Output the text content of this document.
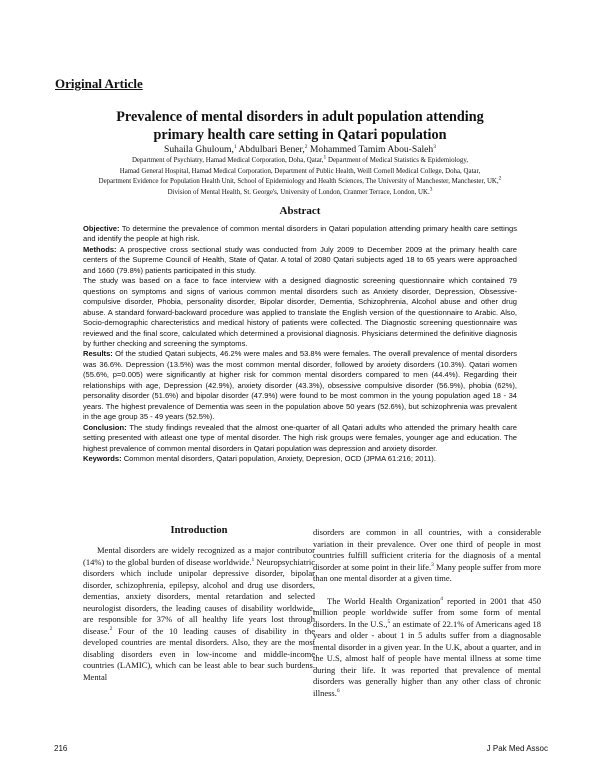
Original Article
Prevalence of mental disorders in adult population attending
primary health care setting in Qatari population
Suhaila Ghuloum,$^1$ Abdulbari Bener,$^2$ Mohammed Tamim Abou-Saleh$^3$
Department of Psychiatry, Hamad Medical Corporation, Doha, Qatar,$^1$ Department of Medical Statistics & Epidemiology,
Hamad General Hospital, Hamad Medical Corporation, Department of Public Health, Weill Cornell Medical College, Doha, Qatar,
Department Evidence for Population Health Unit, School of Epidemiology and Health Sciences, The University of Manchester, Manchester, UK,$^2$
Division of Mental Health, St. George's, University of London, Cranmer Terrace, London, UK.$^3$
Abstract

Objective: To determine the prevalence of common mental disorders in Qatari population attending primary health care settings and identify the people at high risk.

Methods: A prospective cross sectional study was conducted from July 2009 to December 2009 at the primary health care centers of the Supreme Council of Health, State of Qatar. A total of 2080 Qatari subjects aged 18 to 65 years were approached and 1660 (79.8%) patients participated in this study.

The study was based on a face to face interview with a designed diagnostic screening questionnaire which contained 79 questions on symptoms and signs of various common mental disorders such as Anxiety disorder, Depression, Obsessive-compulsive disorder, Phobia, personality disorder, Bipolar disorder, Dementia, Schizophrenia, Alcohol abuse and other drug abuse. A standard forward-backward procedure was applied to translate the English version of the questionnaire to Arabic. Also, Socio-demographic charecteristics and medical history of patients were collected. The Diagnostic screening questionnaire was reviewed and the final score, calculated which determined a provisional diagnosis. Physicians determined the definitive diagnosis by further checking and screening the symptoms.

Results: Of the studied Qatari subjects, 46.2% were males and 53.8% were females. The overall prevalence of mental disorders was 36.6%. Depression (13.5%) was the most common mental disorder, followed by anxiety disorders (10.3%). Qatari women (55.6%, p=0.005) were significantly at higher risk for common mental disorders compared to men (44.4%). Regarding their relationships with age, Depression (42.9%), anxiety disorder (43.3%), obsessive compulsive disorder (56.9%), phobia (62%), personality disorder (51.6%) and bipolar disorder (47.9%) were found to be most common in the young population aged 18 - 34 years. The highest prevalence of Dementia was seen in the population above 50 years (52.6%), but schizophrenia was prevalent in the age group 35 - 49 years (52.5%).

Conclusion: The study findings revealed that the almost one-quarter of all Qatari adults who attended the primary health care setting presented with atleast one type of mental disorder. The high risk groups were females, younger age and education. The highest prevalence of common mental disorders in Qatari population was depression and anxiety disorder.

Keywords: Common mental disorders, Qatari population, Anxiety, Depresion, OCD (JPMA 61:216; 2011).

Introduction

Mental disorders are widely recognized as a major contributor (14%) to the global burden of disease worldwide.$^1$ Neuropsychiatric disorders which include unipolar depressive disorder, bipolar disorder, schizophrenia, epilepsy, alcohol and drug use disorders, dementias, anxiety disorders, mental retardation and selected neurologist disorders, the leading causes of disability worldwide, are responsible for 37% of all healthy life years lost through disease.$^2$ Four of the 10 leading causes of disability in the developed countries are mental disorders. Also, they are the most disabling disorders even in low-income and middle-income countries (LAMIC), which can be least able to bear such burdens. Mental

disorders are common in all countries, with a considerable variation in their prevalence. Over one third of people in most countries fulfill sufficient criteria for the diagnosis of a mental disorder at some point in their life.$^3$ Many people suffer from more than one mental disorder at a given time.

The World Health Organization$^4$ reported in 2001 that 450 million people worldwide suffer from some form of mental disorders. In the U.S.,$^5$ an estimate of 22.1% of Americans aged 18 years and older - about 1 in 5 adults suffer from a diagnosable mental disorder in a given year. In the U.K, about a quarter, and in the U.S, almost half of people have mental illness at some time during their life. It was reported that prevalence of mental disorders was generally higher than any other class of chronic illness.$^6$

216	J Pak Med Assoc
